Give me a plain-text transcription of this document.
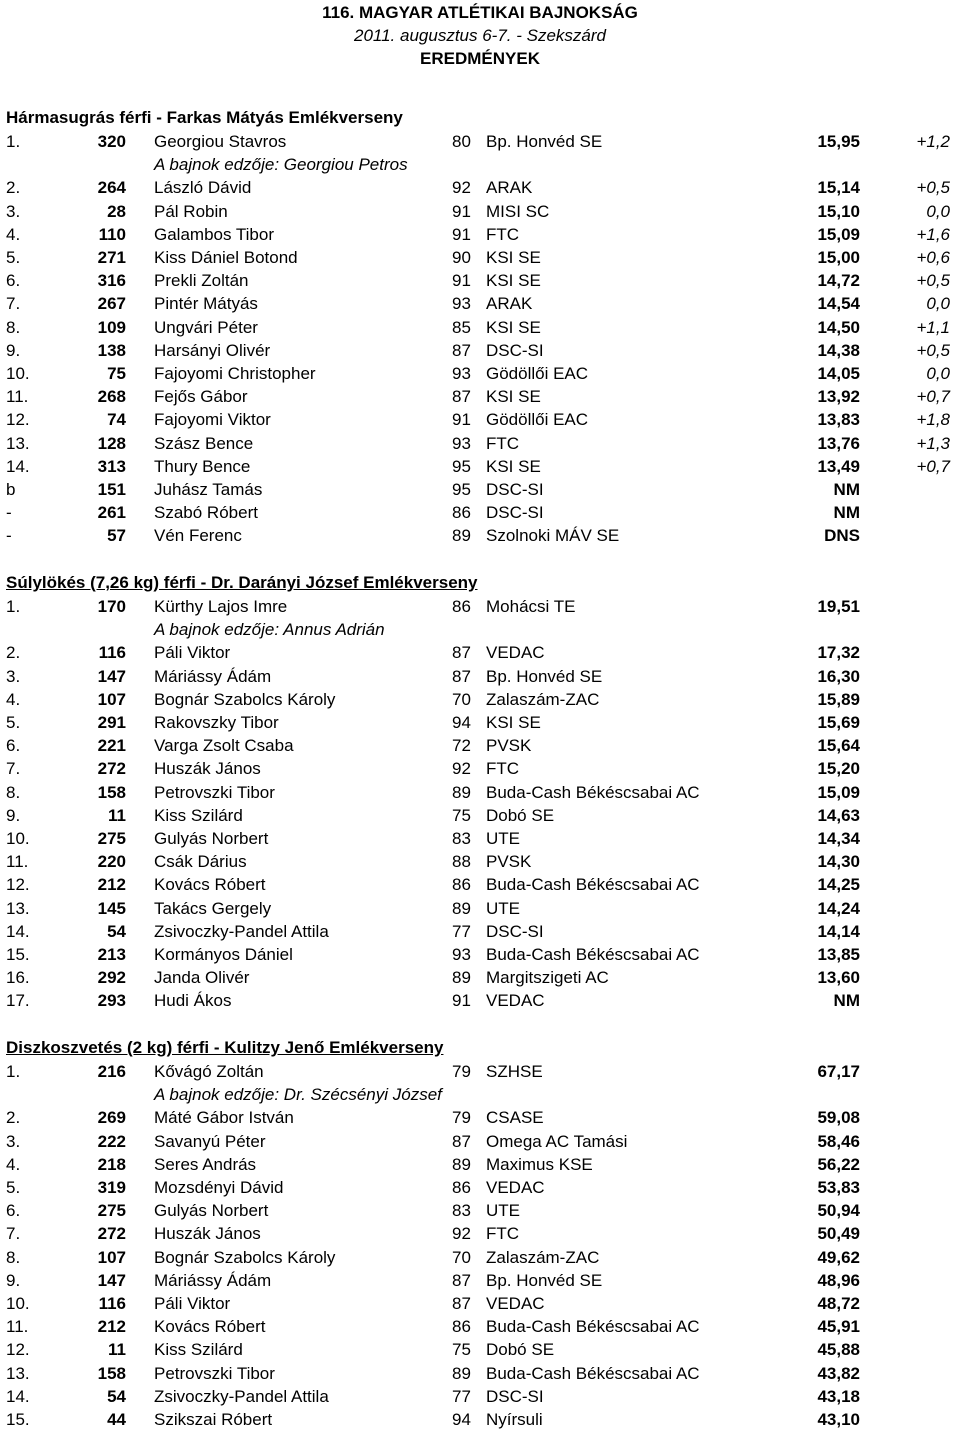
116. MAGYAR ATLÉTIKAI BAJNOKSÁG
2011. augusztus 6-7. - Szekszárd
EREDMÉNYEK
Hármasugrás férfi - Farkas Mátyás Emlékverseny
1.	320 Georgiou Stavros	80 Bp. Honvéd SE	15,95	+1,2
A bajnok edzője: Georgiou Petros
2.	264 László Dávid	92 ARAK	15,14	+0,5
3.	28 Pál Robin	91 MISI SC	15,10	0,0
4.	110 Galambos Tibor	91 FTC	15,09	+1,6
5.	271 Kiss Dániel Botond	90 KSI SE	15,00	+0,6
6.	316 Prekli Zoltán	91 KSI SE	14,72	+0,5
7.	267 Pintér Mátyás	93 ARAK	14,54	0,0
8.	109 Ungvári Péter	85 KSI SE	14,50	+1,1
9.	138 Harsányi Olivér	87 DSC-SI	14,38	+0,5
10.	75 Fajoyomi Christopher	93 Gödöllői EAC	14,05	0,0
11.	268 Fejős Gábor	87 KSI SE	13,92	+0,7
12.	74 Fajoyomi Viktor	91 Gödöllői EAC	13,83	+1,8
13.	128 Szász Bence	93 FTC	13,76	+1,3
14.	313 Thury Bence	95 KSI SE	13,49	+0,7
b	151 Juhász Tamás	95 DSC-SI	NM
-	261 Szabó Róbert	86 DSC-SI	NM
-	57 Vén Ferenc	89 Szolnoki MÁV SE	DNS
Súlylökés (7,26 kg) férfi - Dr. Darányi József Emlékverseny
1.	170 Kürthy Lajos Imre	86 Mohácsi TE	19,51
A bajnok edzője: Annus Adrián
2.	116 Páli Viktor	87 VEDAC	17,32
3.	147 Máriássy Ádám	87 Bp. Honvéd SE	16,30
4.	107 Bognár Szabolcs Károly	70 Zalaszám-ZAC	15,89
5.	291 Rakovszky Tibor	94 KSI SE	15,69
6.	221 Varga Zsolt Csaba	72 PVSK	15,64
7.	272 Huszák János	92 FTC	15,20
8.	158 Petrovszki Tibor	89 Buda-Cash Békéscsabai AC	15,09
9.	11 Kiss Szilárd	75 Dobó SE	14,63
10.	275 Gulyás Norbert	83 UTE	14,34
11.	220 Csák Dárius	88 PVSK	14,30
12.	212 Kovács Róbert	86 Buda-Cash Békéscsabai AC	14,25
13.	145 Takács Gergely	89 UTE	14,24
14.	54 Zsivoczky-Pandel Attila	77 DSC-SI	14,14
15.	213 Kormányos Dániel	93 Buda-Cash Békéscsabai AC	13,85
16.	292 Janda Olivér	89 Margitszigeti AC	13,60
17.	293 Hudi Ákos	91 VEDAC	NM
Diszkoszvetés (2 kg) férfi - Kulitzy Jenő Emlékverseny
1.	216 Kővágó Zoltán	79 SZHSE	67,17
A bajnok edzője: Dr. Szécsényi József
2.	269 Máté Gábor István	79 CSASE	59,08
3.	222 Savanyú Péter	87 Omega AC Tamási	58,46
4.	218 Seres András	89 Maximus KSE	56,22
5.	319 Mozsdényi Dávid	86 VEDAC	53,83
6.	275 Gulyás Norbert	83 UTE	50,94
7.	272 Huszák János	92 FTC	50,49
8.	107 Bognár Szabolcs Károly	70 Zalaszám-ZAC	49,62
9.	147 Máriássy Ádám	87 Bp. Honvéd SE	48,96
10.	116 Páli Viktor	87 VEDAC	48,72
11.	212 Kovács Róbert	86 Buda-Cash Békéscsabai AC	45,91
12.	11 Kiss Szilárd	75 Dobó SE	45,88
13.	158 Petrovszki Tibor	89 Buda-Cash Békéscsabai AC	43,82
14.	54 Zsivoczky-Pandel Attila	77 DSC-SI	43,18
15.	44 Szikszai Róbert	94 Nyírsuli	43,10
